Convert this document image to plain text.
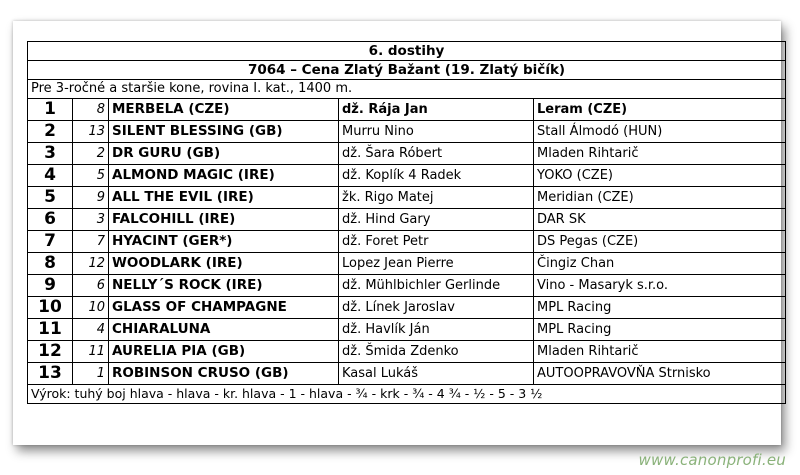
6. dostihy				
7064 – Cena Zlatý Bažant (19. Zlatý bičík)				
Pre 3-ročné a staršie kone, rovina I. kat., 1400 m.				
1	8	MERBELA (CZE)	dž. Rája Jan	Leram (CZE)
2	13	SILENT BLESSING (GB)	Murru Nino	Stall Álmodó (HUN)
3	2	DR GURU (GB)	dž. Šara Róbert	Mladen Rihtarič
4	5	ALMOND MAGIC (IRE)	dž. Koplík 4 Radek	YOKO (CZE)
5	9	ALL THE EVIL (IRE)	žk. Rigo Matej	Meridian (CZE)
6	3	FALCOHILL (IRE)	dž. Hind Gary	DAR SK
7	7	HYACINT (GER*)	dž. Foret Petr	DS Pegas (CZE)
8	12	WOODLARK (IRE)	Lopez Jean Pierre	Čingiz Chan
9	6	NELLY´S ROCK (IRE)	dž. Mühlbichler Gerlinde	Vino - Masaryk s.r.o.
10	10	GLASS OF CHAMPAGNE	dž. Línek Jaroslav	MPL Racing
11	4	CHIARALUNA	dž. Havlík Ján	MPL Racing
12	11	AURELIA PIA (GB)	dž. Šmida Zdenko	Mladen Rihtarič
13	1	ROBINSON CRUSO (GB)	Kasal Lukáš	AUTOOPRAVOVŇA Strnisko
Výrok: tuhý boj hlava - hlava - kr. hlava - 1 - hlava - ¾ - krk - ¾ - 4 ¾ - ½ - 5 - 3 ½				
www.canonprofi.eu
